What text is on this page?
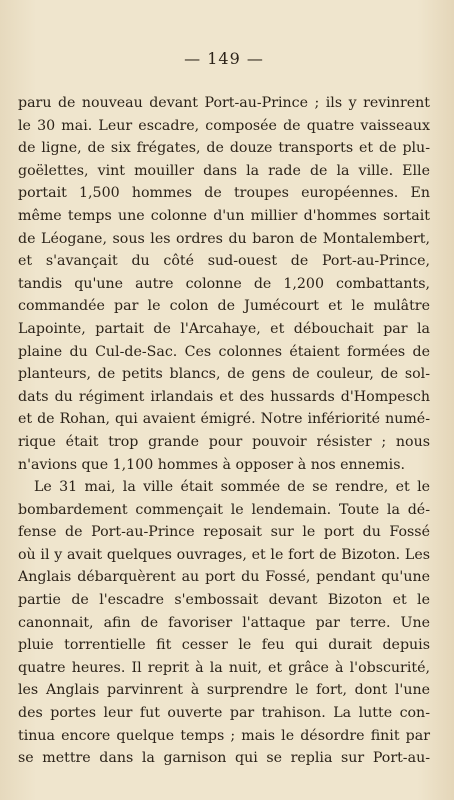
— 149 —
paru de nouveau devant Port-au-Prince ; ils y revinrent
le 30 mai. Leur escadre, composée de quatre vaisseaux
de ligne, de six frégates, de douze transports et de plu-
goëlettes, vint mouiller dans la rade de la ville. Elle
portait 1,500 hommes de troupes européennes. En
même temps une colonne d'un millier d'hommes sortait
de Léogane, sous les ordres du baron de Montalembert,
et s'avançait du côté sud-ouest de Port-au-Prince,
tandis qu'une autre colonne de 1,200 combattants,
commandée par le colon de Jumécourt et le mulâtre
Lapointe, partait de l'Arcahaye, et débouchait par la
plaine du Cul-de-Sac. Ces colonnes étaient formées de
planteurs, de petits blancs, de gens de couleur, de sol-
dats du régiment irlandais et des hussards d'Hompesch
et de Rohan, qui avaient émigré. Notre infériorité numé-
rique était trop grande pour pouvoir résister ; nous
n'avions que 1,100 hommes à opposer à nos ennemis.
Le 31 mai, la ville était sommée de se rendre, et le
bombardement commençait le lendemain. Toute la dé-
fense de Port-au-Prince reposait sur le port du Fossé
où il y avait quelques ouvrages, et le fort de Bizoton. Les
Anglais débarquèrent au port du Fossé, pendant qu'une
partie de l'escadre s'embossait devant Bizoton et le
canonnait, afin de favoriser l'attaque par terre. Une
pluie torrentielle fit cesser le feu qui durait depuis
quatre heures. Il reprit à la nuit, et grâce à l'obscurité,
les Anglais parvinrent à surprendre le fort, dont l'une
des portes leur fut ouverte par trahison. La lutte con-
tinua encore quelque temps ; mais le désordre finit par
se mettre dans la garnison qui se replia sur Port-au-
